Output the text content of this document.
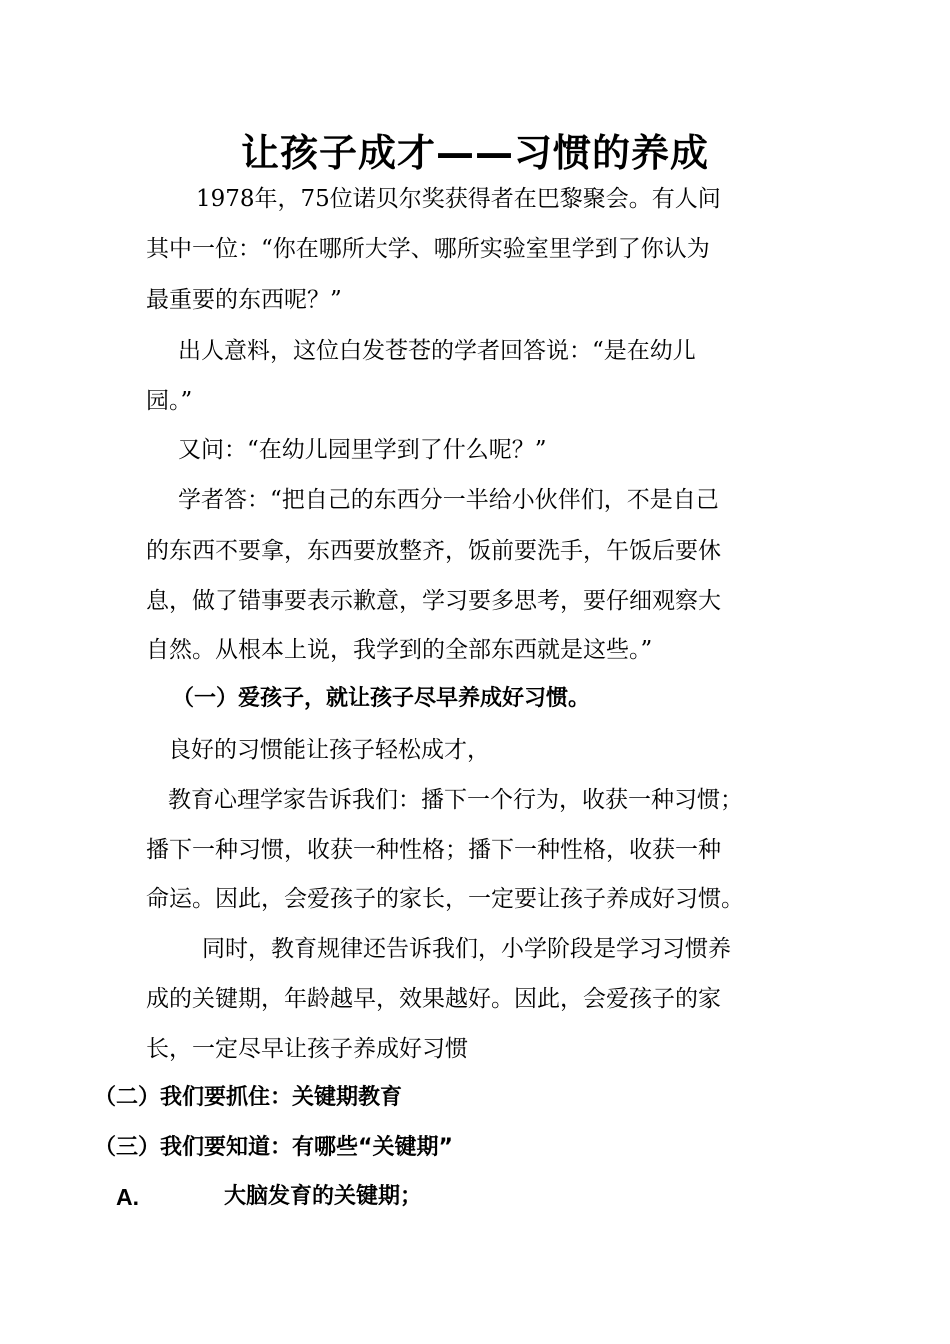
让孩子成才——习惯的养成
1978年，75位诺贝尔奖获得者在巴黎聚会。有人问
其中一位：“你在哪所大学、哪所实验室里学到了你认为
最重要的东西呢？”
出人意料，这位白发苍苍的学者回答说：“是在幼儿
园。”
又问：“在幼儿园里学到了什么呢？”
学者答：“把自己的东西分一半给小伙伴们，不是自己
的东西不要拿，东西要放整齐，饭前要洗手，午饭后要休
息，做了错事要表示歉意，学习要多思考，要仔细观察大
自然。从根本上说，我学到的全部东西就是这些。”
（一）爱孩子，就让孩子尽早养成好习惯。
良好的习惯能让孩子轻松成才，
教育心理学家告诉我们：播下一个行为，收获一种习惯；
播下一种习惯，收获一种性格；播下一种性格，收获一种
命运。因此，会爱孩子的家长，一定要让孩子养成好习惯。
同时，教育规律还告诉我们，小学阶段是学习习惯养
成的关键期，年龄越早，效果越好。因此，会爱孩子的家
长，一定尽早让孩子养成好习惯
（二）我们要抓住：关键期教育
（三）我们要知道：有哪些“关键期”
A.	大脑发育的关键期；
